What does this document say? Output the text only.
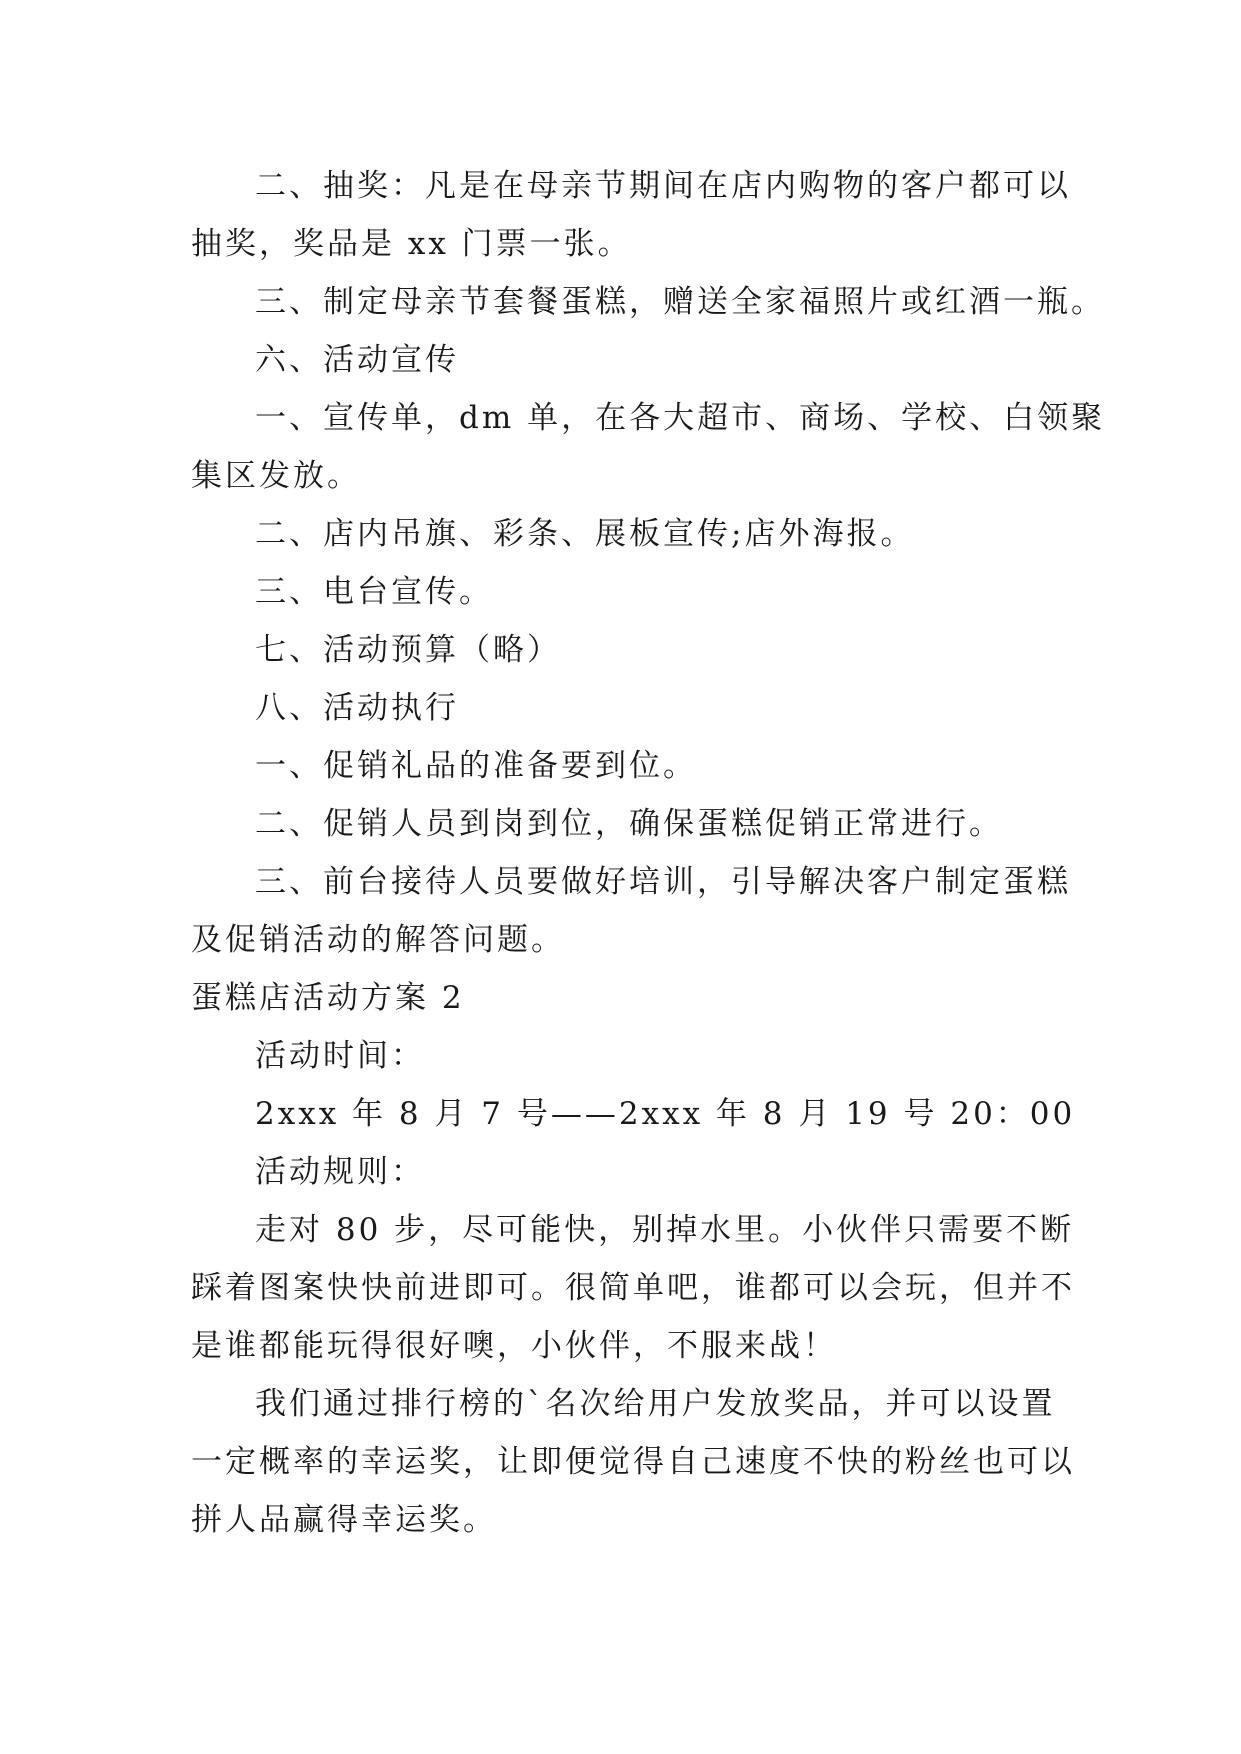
二、抽奖：凡是在母亲节期间在店内购物的客户都可以

抽奖，奖品是 xx 门票一张。

三、制定母亲节套餐蛋糕，赠送全家福照片或红酒一瓶。

六、活动宣传

一、宣传单，dm 单，在各大超市、商场、学校、白领聚

集区发放。

二、店内吊旗、彩条、展板宣传;店外海报。

三、电台宣传。

七、活动预算（略）

八、活动执行

一、促销礼品的准备要到位。

二、促销人员到岗到位，确保蛋糕促销正常进行。

三、前台接待人员要做好培训，引导解决客户制定蛋糕

及促销活动的解答问题。

蛋糕店活动方案 2

活动时间：

2xxx 年 8 月 7 号——2xxx 年 8 月 19 号 20：00

活动规则：

走对 80 步，尽可能快，别掉水里。小伙伴只需要不断

踩着图案快快前进即可。很简单吧，谁都可以会玩，但并不

是谁都能玩得很好噢，小伙伴，不服来战！

我们通过排行榜的`名次给用户发放奖品，并可以设置

一定概率的幸运奖，让即便觉得自己速度不快的粉丝也可以

拼人品赢得幸运奖。
